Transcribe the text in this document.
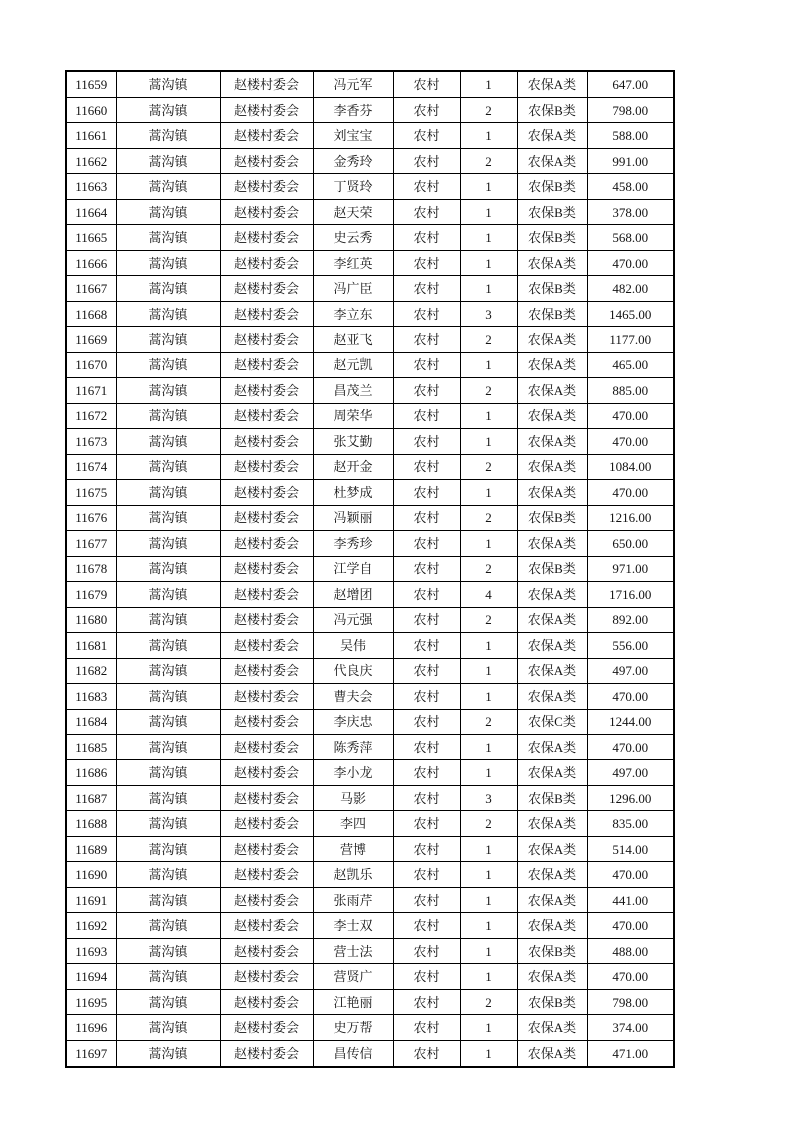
11659	蒿沟镇	赵楼村委会	冯元军	农村	1	农保A类	647.00
11660	蒿沟镇	赵楼村委会	李香芬	农村	2	农保B类	798.00
11661	蒿沟镇	赵楼村委会	刘宝宝	农村	1	农保A类	588.00
11662	蒿沟镇	赵楼村委会	金秀玲	农村	2	农保A类	991.00
11663	蒿沟镇	赵楼村委会	丁贤玲	农村	1	农保B类	458.00
11664	蒿沟镇	赵楼村委会	赵天荣	农村	1	农保B类	378.00
11665	蒿沟镇	赵楼村委会	史云秀	农村	1	农保B类	568.00
11666	蒿沟镇	赵楼村委会	李红英	农村	1	农保A类	470.00
11667	蒿沟镇	赵楼村委会	冯广臣	农村	1	农保B类	482.00
11668	蒿沟镇	赵楼村委会	李立东	农村	3	农保B类	1465.00
11669	蒿沟镇	赵楼村委会	赵亚飞	农村	2	农保A类	1177.00
11670	蒿沟镇	赵楼村委会	赵元凯	农村	1	农保A类	465.00
11671	蒿沟镇	赵楼村委会	昌茂兰	农村	2	农保A类	885.00
11672	蒿沟镇	赵楼村委会	周荣华	农村	1	农保A类	470.00
11673	蒿沟镇	赵楼村委会	张艾勤	农村	1	农保A类	470.00
11674	蒿沟镇	赵楼村委会	赵开金	农村	2	农保A类	1084.00
11675	蒿沟镇	赵楼村委会	杜梦成	农村	1	农保A类	470.00
11676	蒿沟镇	赵楼村委会	冯颖丽	农村	2	农保B类	1216.00
11677	蒿沟镇	赵楼村委会	李秀珍	农村	1	农保A类	650.00
11678	蒿沟镇	赵楼村委会	江学自	农村	2	农保B类	971.00
11679	蒿沟镇	赵楼村委会	赵增团	农村	4	农保A类	1716.00
11680	蒿沟镇	赵楼村委会	冯元强	农村	2	农保A类	892.00
11681	蒿沟镇	赵楼村委会	吴伟	农村	1	农保A类	556.00
11682	蒿沟镇	赵楼村委会	代良庆	农村	1	农保A类	497.00
11683	蒿沟镇	赵楼村委会	曹夫会	农村	1	农保A类	470.00
11684	蒿沟镇	赵楼村委会	李庆忠	农村	2	农保C类	1244.00
11685	蒿沟镇	赵楼村委会	陈秀萍	农村	1	农保A类	470.00
11686	蒿沟镇	赵楼村委会	李小龙	农村	1	农保A类	497.00
11687	蒿沟镇	赵楼村委会	马影	农村	3	农保B类	1296.00
11688	蒿沟镇	赵楼村委会	李四	农村	2	农保A类	835.00
11689	蒿沟镇	赵楼村委会	营博	农村	1	农保A类	514.00
11690	蒿沟镇	赵楼村委会	赵凯乐	农村	1	农保A类	470.00
11691	蒿沟镇	赵楼村委会	张雨芹	农村	1	农保A类	441.00
11692	蒿沟镇	赵楼村委会	李士双	农村	1	农保A类	470.00
11693	蒿沟镇	赵楼村委会	营士法	农村	1	农保B类	488.00
11694	蒿沟镇	赵楼村委会	营贤广	农村	1	农保A类	470.00
11695	蒿沟镇	赵楼村委会	江艳丽	农村	2	农保B类	798.00
11696	蒿沟镇	赵楼村委会	史万帮	农村	1	农保A类	374.00
11697	蒿沟镇	赵楼村委会	昌传信	农村	1	农保A类	471.00
